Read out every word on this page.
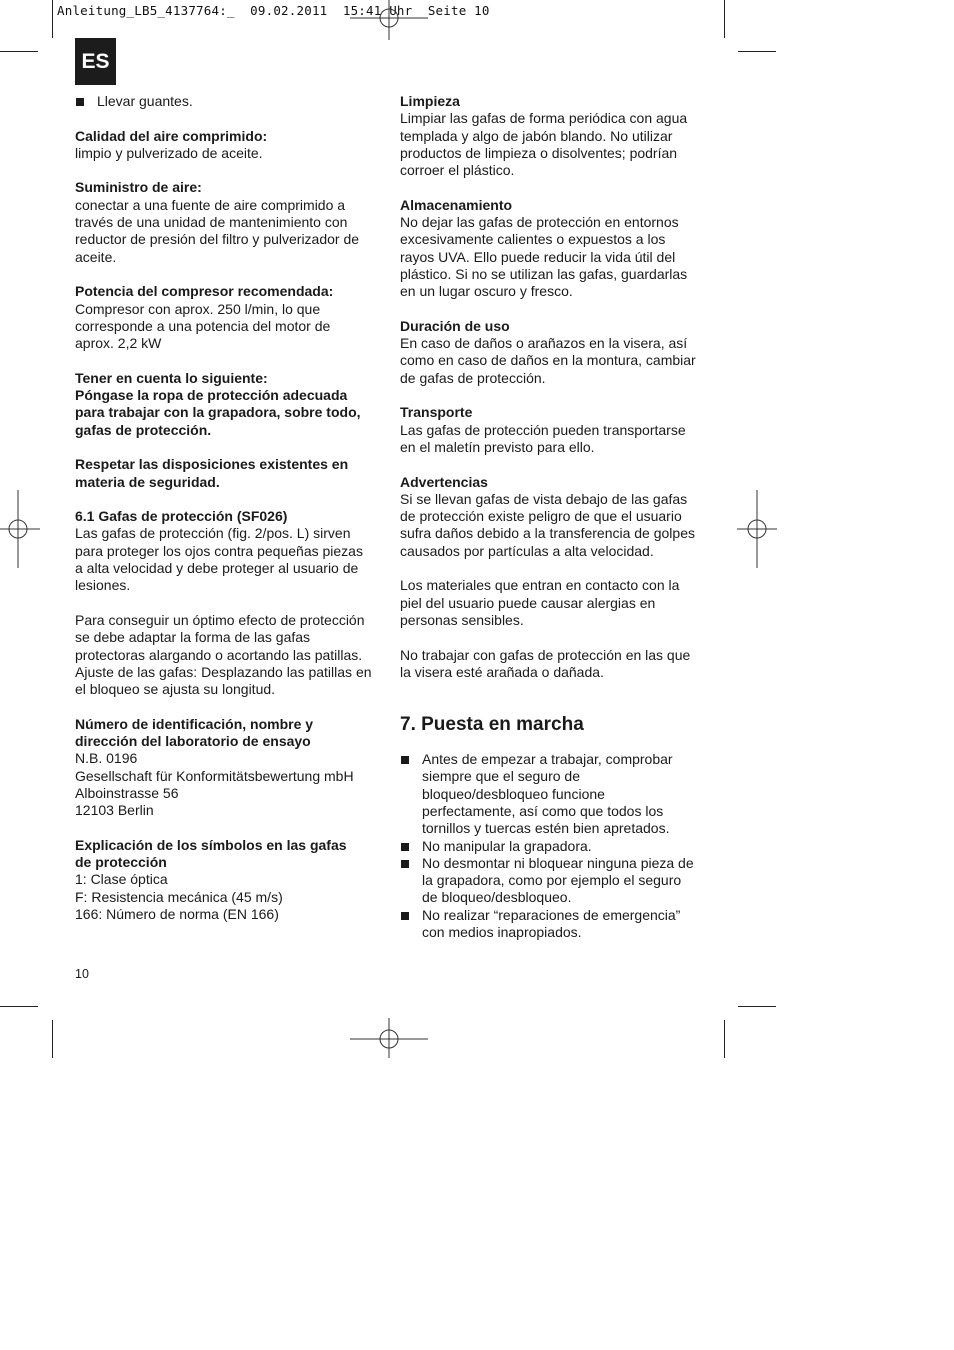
Anleitung_LB5_4137764:_  09.02.2011  15:41 Uhr  Seite 10
ES
Llevar guantes.
Calidad del aire comprimido:
limpio y pulverizado de aceite.
Suministro de aire:
conectar a una fuente de aire comprimido a
través de una unidad de mantenimiento con
reductor de presión del filtro y pulverizador de
aceite.
Potencia del compresor recomendada:
Compresor con aprox. 250 l/min, lo que
corresponde a una potencia del motor de
aprox. 2,2 kW
Tener en cuenta lo siguiente:
Póngase la ropa de protección adecuada
para trabajar con la grapadora, sobre todo,
gafas de protección.
Respetar las disposiciones existentes en
materia de seguridad.
6.1 Gafas de protección (SF026)
Las gafas de protección (fig. 2/pos. L) sirven
para proteger los ojos contra pequeñas piezas
a alta velocidad y debe proteger al usuario de
lesiones.
Para conseguir un óptimo efecto de protección
se debe adaptar la forma de las gafas
protectoras alargando o acortando las patillas.
Ajuste de las gafas: Desplazando las patillas en
el bloqueo se ajusta su longitud.
Número de identificación, nombre y
dirección del laboratorio de ensayo
N.B. 0196
Gesellschaft für Konformitätsbewertung mbH
Alboinstrasse 56
12103 Berlin
Explicación de los símbolos en las gafas
de protección
1: Clase óptica
F: Resistencia mecánica (45 m/s)
166: Número de norma (EN 166)
Limpieza
Limpiar las gafas de forma periódica con agua
templada y algo de jabón blando. No utilizar
productos de limpieza o disolventes; podrían
corroer el plástico.
Almacenamiento
No dejar las gafas de protección en entornos
excesivamente calientes o expuestos a los
rayos UVA. Ello puede reducir la vida útil del
plástico. Si no se utilizan las gafas, guardarlas
en un lugar oscuro y fresco.
Duración de uso
En caso de daños o arañazos en la visera, así
como en caso de daños en la montura, cambiar
de gafas de protección.
Transporte
Las gafas de protección pueden transportarse
en el maletín previsto para ello.
Advertencias
Si se llevan gafas de vista debajo de las gafas
de protección existe peligro de que el usuario
sufra daños debido a la transferencia de golpes
causados por partículas a alta velocidad.
Los materiales que entran en contacto con la
piel del usuario puede causar alergias en
personas sensibles.
No trabajar con gafas de protección en las que
la visera esté arañada o dañada.
7. Puesta en marcha
Antes de empezar a trabajar, comprobar
siempre que el seguro de
bloqueo/desbloqueo funcione
perfectamente, así como que todos los
tornillos y tuercas estén bien apretados.
No manipular la grapadora.
No desmontar ni bloquear ninguna pieza de
la grapadora, como por ejemplo el seguro
de bloqueo/desbloqueo.
No realizar “reparaciones de emergencia”
con medios inapropiados.
10
